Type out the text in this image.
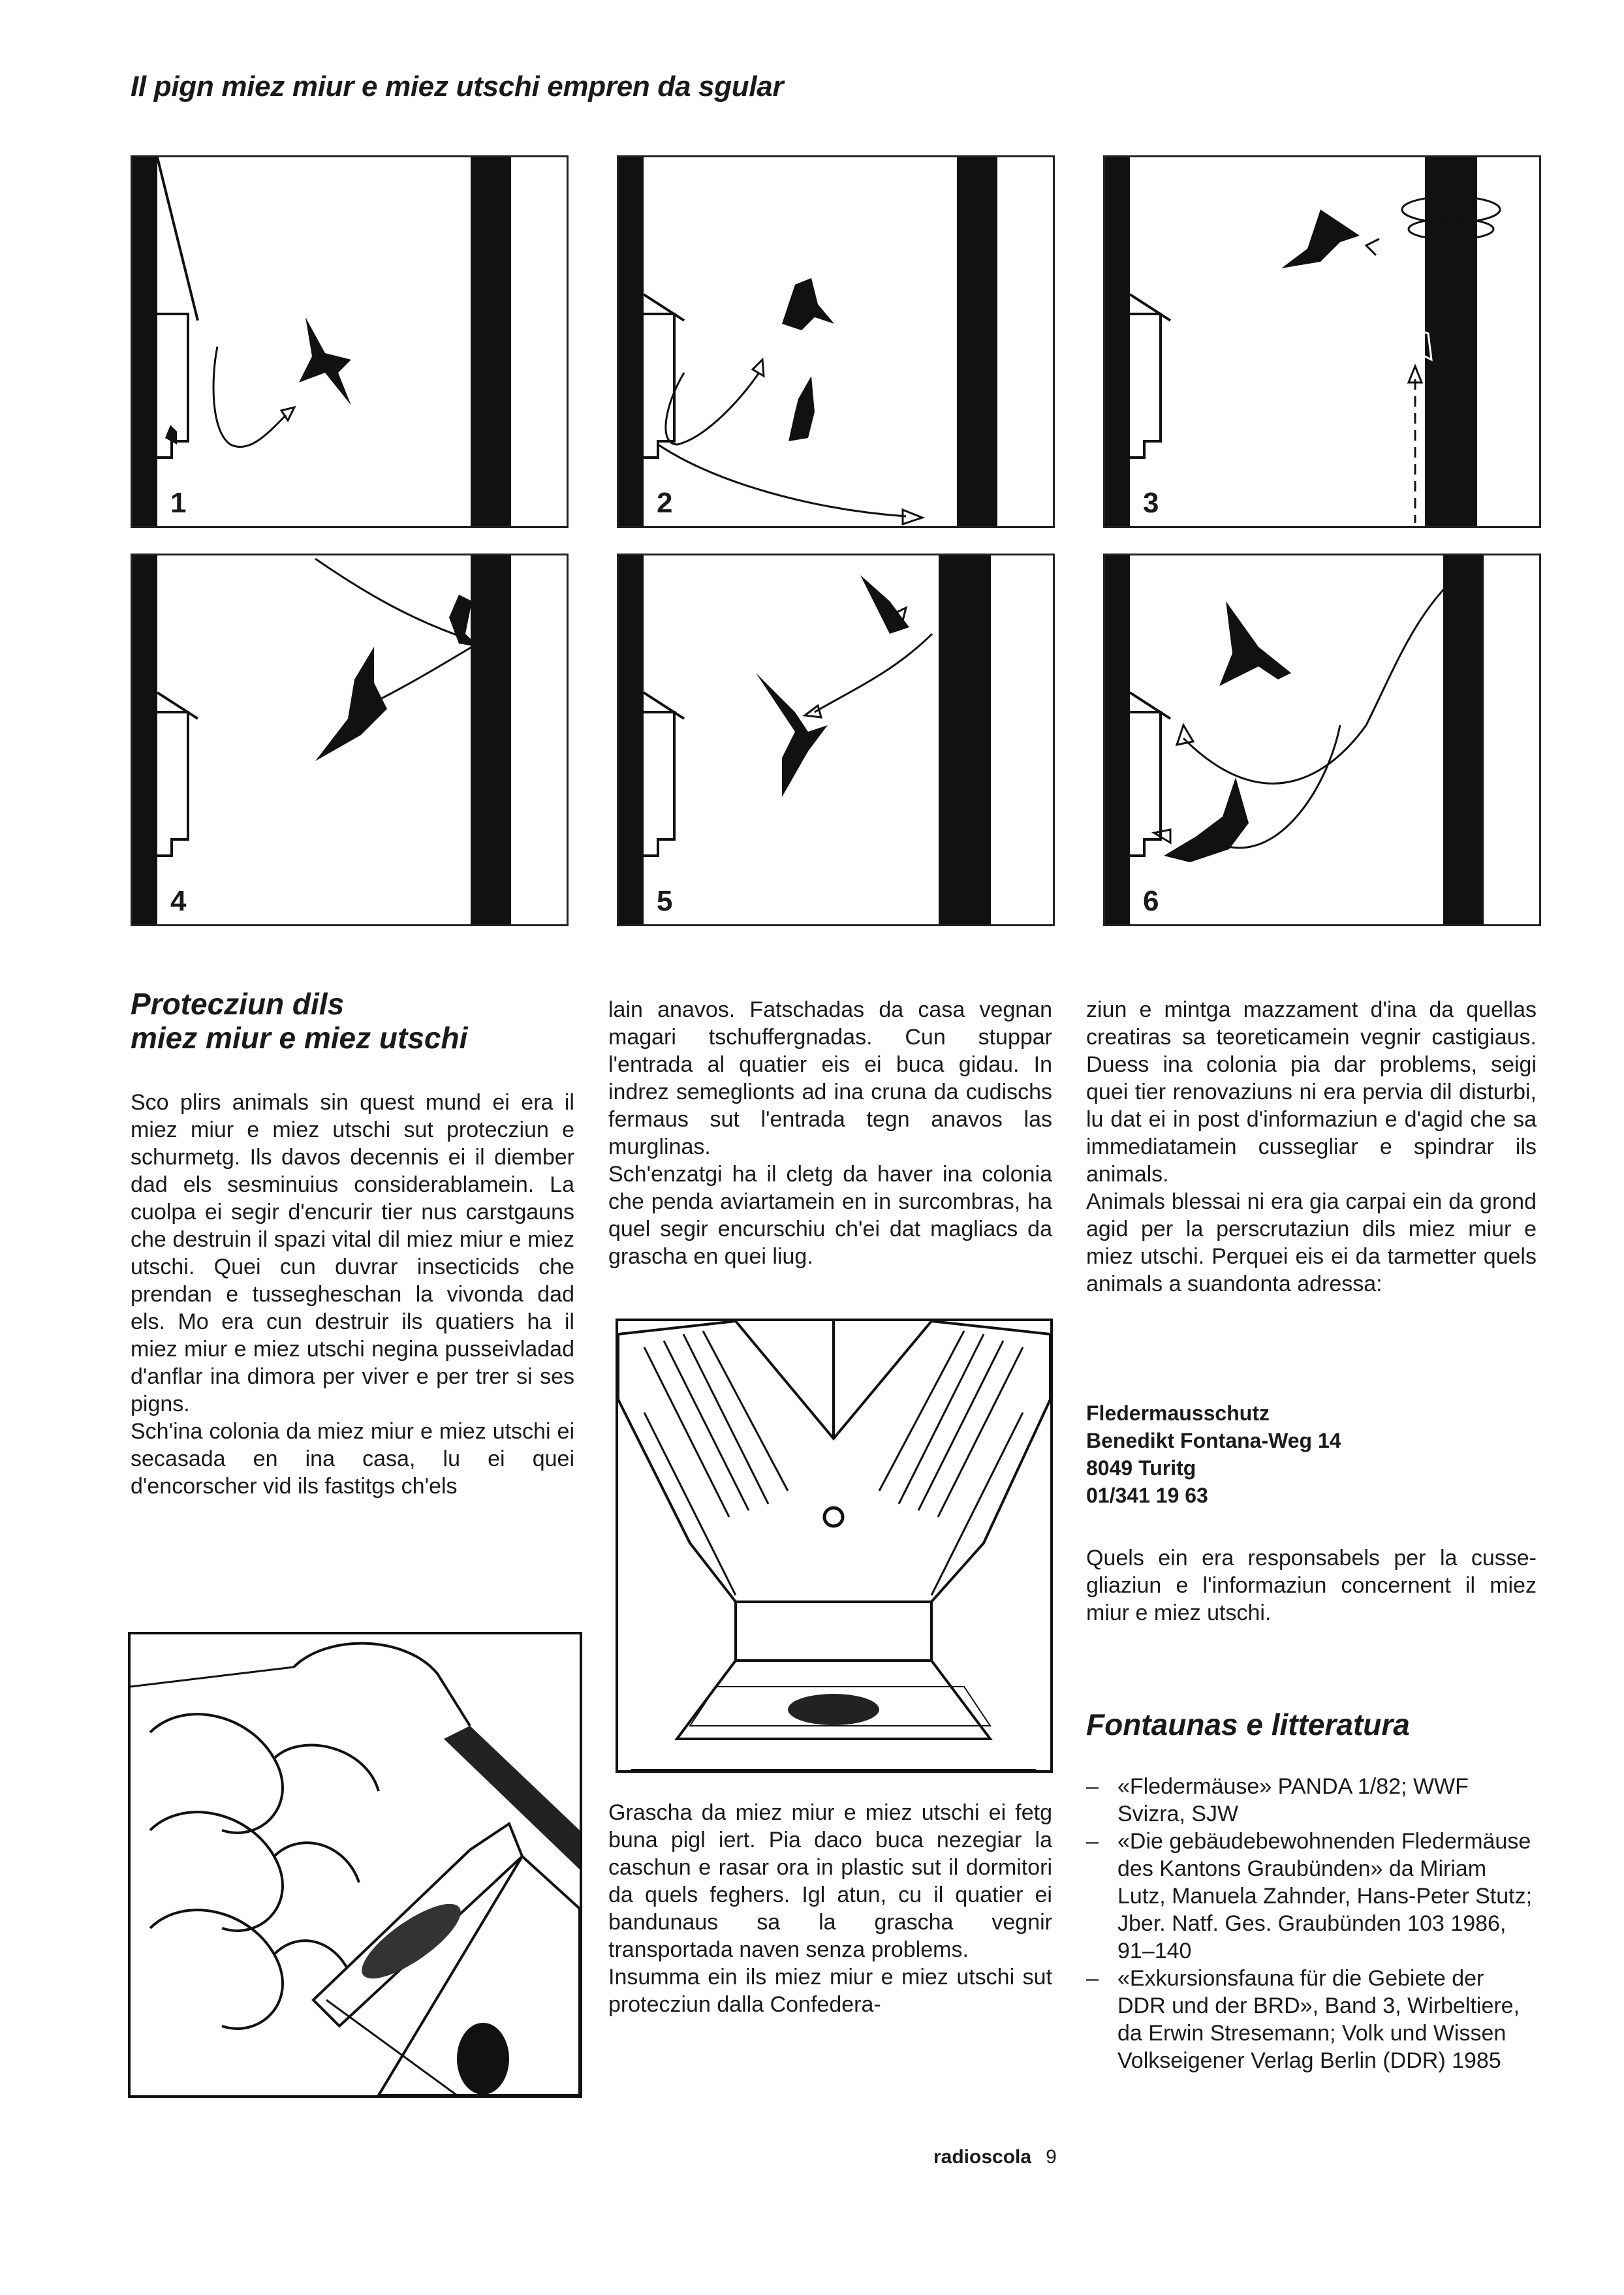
Il pign miez miur e miez utschi empren da sgular
1	2	3
4	5	6
Protecziun dils
miez miur e miez utschi

Sco plirs animals sin quest mund ei era il miez miur e miez utschi sut protecziun e schurmetg. Ils davos decennis ei il diember dad els sesminuius considerablamein. La cuolpa ei segir d'encurir tier nus carstgauns che destruin il spazi vital dil miez miur e miez utschi. Quei cun duvrar insecticids che prendan e tussegheschan la vivonda dad els. Mo era cun destruir ils quatiers ha il miez miur e miez utschi negina pusseivladad d'anflar ina dimora per viver e per trer si ses pigns.

Sch'ina colonia da miez miur e miez utschi ei secasada en ina casa, lu ei quei d'encorscher vid ils fastitgs ch'els

lain anavos. Fatschadas da casa vegnan magari tschuffergnadas. Cun stuppar l'entrada al quatier eis ei buca gidau. In indrez semeglionts ad ina cruna da cudischs fermaus sut l'entrada tegn anavos las murglinas.

Sch'enzatgi ha il cletg da haver ina colonia che penda aviartamein en in surcombras, ha quel segir encurschiu ch'ei dat magliacs da grascha en quei liug.

ziun e mintga mazzament d'ina da quellas creatiras sa teoreticamein vegnir castigiaus. Duess ina colonia pia dar problems, seigi quei tier renovaziuns ni era pervia dil disturbi, lu dat ei in post d'informaziun e d'agid che sa immediatamein cussegliar e spindrar ils animals.

Animals blessai ni era gia carpai ein da grond agid per la perscrutaziun dils miez miur e miez utschi. Perquei eis ei da tarmetter quels animals a suandonta adressa:

Fledermausschutz
Benedikt Fontana-Weg 14
8049 Turitg
01/341 19 63
Quels ein era responsabels per la cussegliaziun e l'informaziun concernent il miez miur e miez utschi.

Grascha da miez miur e miez utschi ei fetg buna pigl iert. Pia daco buca nezegiar la caschun e rasar ora in plastic sut il dormitori da quels feghers. Igl atun, cu il quatier ei bandunaus sa la grascha vegnir transportada naven senza problems.

Insumma ein ils miez miur e miez utschi sut protecziun dalla Confedera-

Fontaunas e litteratura
– «Fledermäuse» PANDA 1/82; WWF Svizra, SJW
– «Die gebäudebewohnenden Fledermäuse des Kantons Graubünden» da Miriam Lutz, Manuela Zahnder, Hans-Peter Stutz; Jber. Natf. Ges. Graubünden 103 1986, 91–140
– «Exkursionsfauna für die Gebiete der DDR und der BRD», Band 3, Wirbeltiere, da Erwin Stresemann; Volk und Wissen Volkseigener Verlag Berlin (DDR) 1985
radioscola 9
